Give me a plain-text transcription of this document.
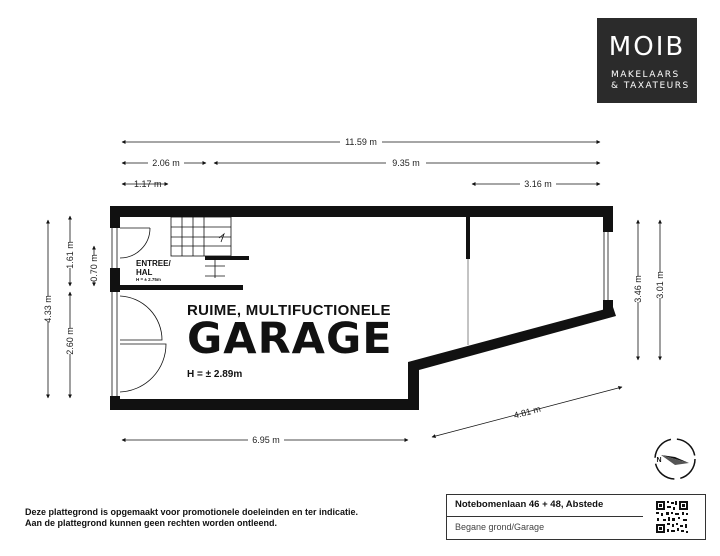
MOIB
MAKELAARS
& TAXATEURS
11.59 m
2.06 m	9.35 m
1.17 m	3.16 m
6.95 m
4.81 m
4.33 m
1.61 m
2.60 m
0.70 m
3.01 m
3.46 m
N
RUIME, MULTIFUCTIONELE
GARAGE
H = ± 2.89m
ENTREE/
HAL
H = ± 2.75m
Deze plattegrond is opgemaakt voor promotionele doeleinden en ter indicatie.
Aan de plattegrond kunnen geen rechten worden ontleend.
Notebomenlaan 46 + 48, Abstede
Begane grond/Garage
